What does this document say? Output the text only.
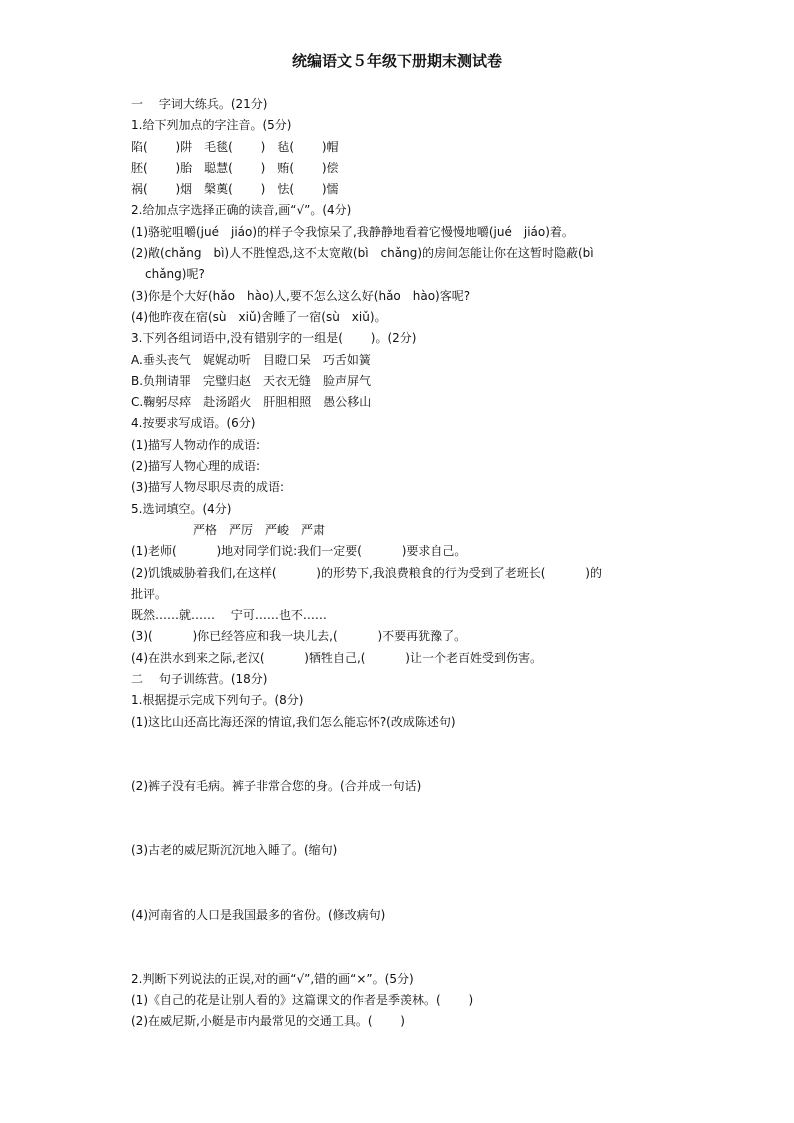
统编语文５年级下册期末测试卷
一　 字词大练兵。(21分)
1.给下列加点的字注音。(5分)
陷(　　 )阱　毛毯(　　 )　毡(　　 )帽
胚(　　 )胎　聪慧(　　 )　贿(　　 )偿
祸(　　 )烟　槃薁(　　 )　怯(　　 )懦
2.给加点字选择正确的读音,画“√”。(4分)
(1)骆驼咀嚼(jué　jiáo)的样子令我惊呆了,我静静地看着它慢慢地嚼(jué　jiáo)着。
(2)敞(chǎng　bì)人不胜惶恐,这不太宽敞(bì　chǎng)的房间怎能让你在这暂时隐蔽(bì
chǎng)呢?
(3)你是个大好(hǎo　hào)人,要不怎么这么好(hǎo　hào)客呢?
(4)他昨夜在宿(sù　xiǔ)舍睡了一宿(sù　xiǔ)。
3.下列各组词语中,没有错别字的一组是(　　 )。(2分)
A.垂头丧气　娓娓动听　目瞪口呆　巧舌如簧
B.负荆请罪　完璧归赵　天衣无缝　脸声屏气
C.鞠躬尽瘁　赴汤蹈火　肝胆相照　愚公移山
4.按要求写成语。(6分)
(1)描写人物动作的成语:
(2)描写人物心理的成语:
(3)描写人物尽职尽责的成语:
5.选词填空。(4分)
严格　严厉　严峻　严肃
(1)老师(　　　 )地对同学们说:我们一定要(　　　 )要求自己。
(2)饥饿威胁着我们,在这样(　　　 )的形势下,我浪费粮食的行为受到了老班长(　　　 )的
批评。
既然……就……　 宁可……也不……
(3)(　　　 )你已经答应和我一块儿去,(　　　 )不要再犹豫了。
(4)在洪水到来之际,老汉(　　　 )牺牲自己,(　　　 )让一个老百姓受到伤害。
二　 句子训练营。(18分)
1.根据提示完成下列句子。(8分)
(1)这比山还高比海还深的情谊,我们怎么能忘怀?(改成陈述句)
(2)裤子没有毛病。裤子非常合您的身。(合并成一句话)
(3)古老的威尼斯沉沉地入睡了。(缩句)
(4)河南省的人口是我国最多的省份。(修改病句)
2.判断下列说法的正误,对的画“√”,错的画“×”。(5分)
(1)《自己的花是让别人看的》这篇课文的作者是季羡林。(　　 )
(2)在威尼斯,小艇是市内最常见的交通工具。(　　 )
